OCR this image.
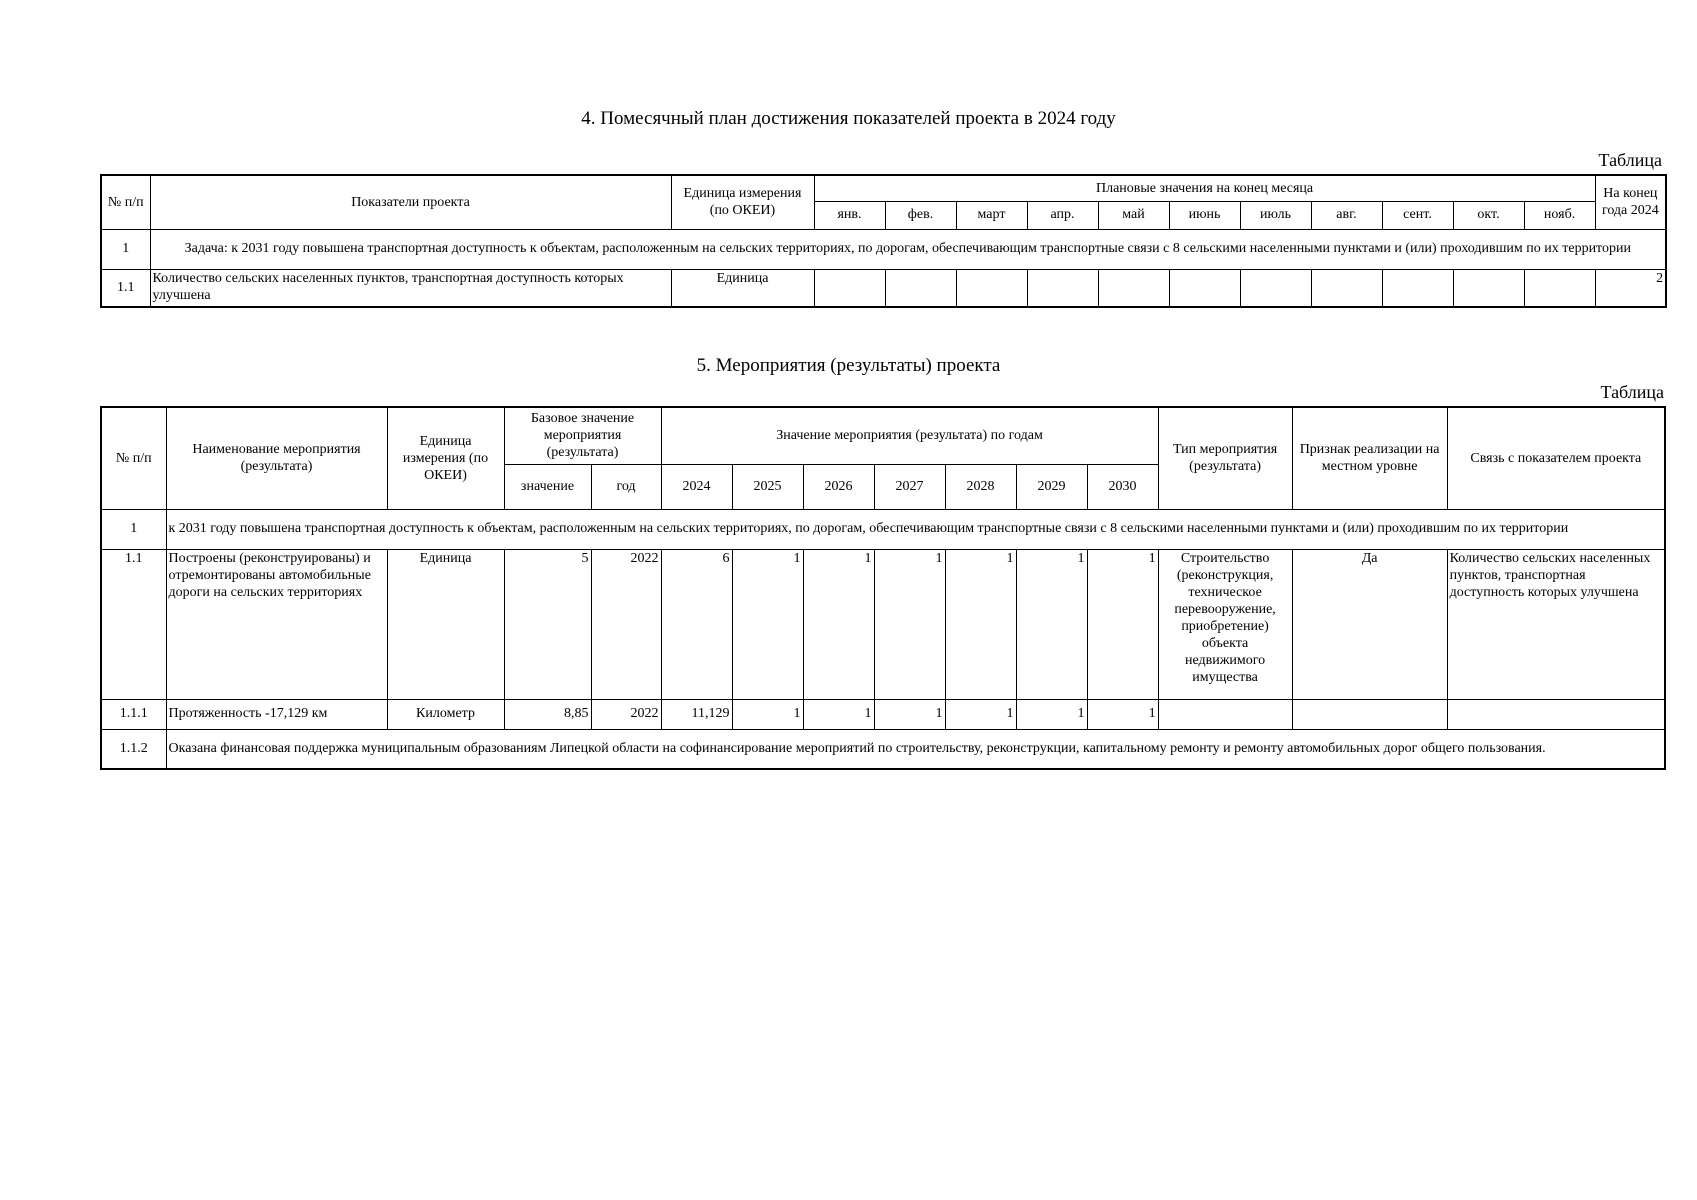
4. Помесячный план достижения показателей проекта в 2024 году
Таблица
№ п/п	Показатели проекта	Единица измерения (по ОКЕИ)	Плановые значения на конец месяца											На конец года 2024
			янв.	фев.	март	апр.	май	июнь	июль	авг.	сент.	окт.	нояб.	
1	Задача: к 2031 году повышена транспортная доступность к объектам, расположенным на сельских территориях, по дорогам, обеспечивающим транспортные связи с 8 сельскими населенными пунктами и (или) проходившим по их территории													
1.1	Количество сельских населенных пунктов, транспортная доступность которых улучшена	Единица												2
5. Мероприятия (результаты) проекта
Таблица
№ п/п	Наименование мероприятия (результата)	Единица измерения (по ОКЕИ)	Базовое значение мероприятия (результата)		Значение мероприятия (результата) по годам							Тип мероприятия (результата)	Признак реализации на местном уровне	Связь с показателем проекта
			значение	год	2024	2025	2026	2027	2028	2029	2030			
1	к 2031 году повышена транспортная доступность к объектам, расположенным на сельских территориях, по дорогам, обеспечивающим транспортные связи с 8 сельскими населенными пунктами и (или) проходившим по их территории													
1.1	Построены (реконструированы) и отремонтированы автомобильные дороги на сельских территориях	Единица	5	2022	6	1	1	1	1	1	1	Строительство (реконструкция, техническое перевооружение, приобретение) объекта недвижимого имущества	Да	Количество сельских населенных пунктов, транспортная доступность которых улучшена
1.1.1	Протяженность -17,129 км	Километр	8,85	2022	11,129	1	1	1	1	1	1			
1.1.2	Оказана финансовая поддержка муниципальным образованиям Липецкой области на софинансирование мероприятий по строительству, реконструкции, капитальному ремонту и ремонту автомобильных дорог общего пользования.													
